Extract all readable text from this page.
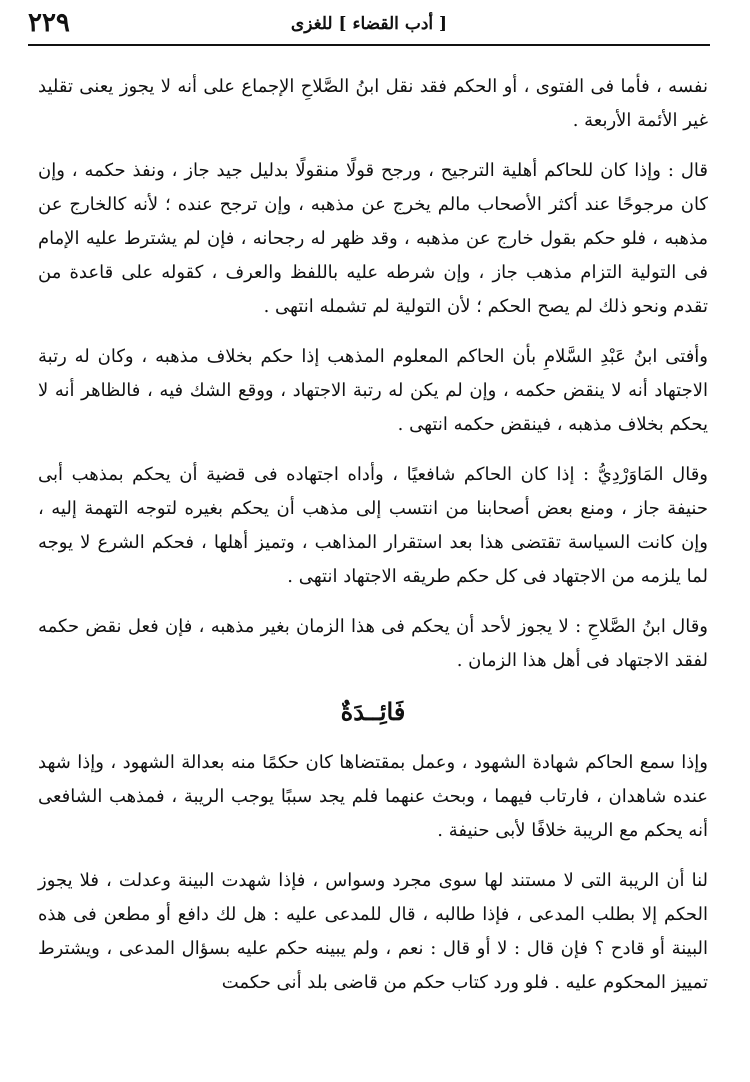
[ أدب القضاء ] للغزى
٢٢٩

نفسه ، فأما فى الفتوى ، أو الحكم فقد نقل ابنُ الصَّلاحِ الإجماع على أنه لا يجوز يعنى تقليد غير الأئمة الأربعة .

قال : وإذا كان للحاكم أهلية الترجيح ، ورجح قولًا منقولًا بدليل جيد جاز ، ونفذ حكمه ، وإن كان مرجوحًا عند أكثر الأصحاب مالم يخرج عن مذهبه ، وإن ترجح عنده ؛ لأنه كالخارج عن مذهبه ، فلو حكم بقول خارج عن مذهبه ، وقد ظهر له رجحانه ، فإن لم يشترط عليه الإمام فى التولية التزام مذهب جاز ، وإن شرطه عليه باللفظ والعرف ، كقوله على قاعدة من تقدم ونحو ذلك لم يصح الحكم ؛ لأن التولية لم تشمله انتهى .

وأفتى ابنُ عَبْدِ السَّلامِ بأن الحاكم المعلوم المذهب إذا حكم بخلاف مذهبه ، وكان له رتبة الاجتهاد أنه لا ينقض حكمه ، وإن لم يكن له رتبة الاجتهاد ، ووقع الشك فيه ، فالظاهر أنه لا يحكم بخلاف مذهبه ، فينقض حكمه انتهى .

وقال المَاوَرْدِيُّ : إذا كان الحاكم شافعيًا ، وأداه اجتهاده فى قضية أن يحكم بمذهب أبى حنيفة جاز ، ومنع بعض أصحابنا من انتسب إلى مذهب أن يحكم بغيره لتوجه التهمة إليه ، وإن كانت السياسة تقتضى هذا بعد استقرار المذاهب ، وتميز أهلها ، فحكم الشرع لا يوجه لما يلزمه من الاجتهاد فى كل حكم طريقه الاجتهاد انتهى .

وقال ابنُ الصَّلاحِ : لا يجوز لأحد أن يحكم فى هذا الزمان بغير مذهبه ، فإن فعل نقض حكمه لفقد الاجتهاد فى أهل هذا الزمان .

فَائِــدَةٌ

وإذا سمع الحاكم شهادة الشهود ، وعمل بمقتضاها كان حكمًا منه بعدالة الشهود ، وإذا شهد عنده شاهدان ، فارتاب فيهما ، وبحث عنهما فلم يجد سببًا يوجب الريبة ، فمذهب الشافعى أنه يحكم مع الريبة خلافًا لأبى حنيفة .

لنا أن الريبة التى لا مستند لها سوى مجرد وسواس ، فإذا شهدت البينة وعدلت ، فلا يجوز الحكم إلا بطلب المدعى ، فإذا طالبه ، قال للمدعى عليه : هل لك دافع أو مطعن فى هذه البينة أو قادح ؟ فإن قال : لا أو قال : نعم ، ولم يبينه حكم عليه بسؤال المدعى ، ويشترط تمييز المحكوم عليه . فلو ورد كتاب حكم من قاضى بلد أنى حكمت
